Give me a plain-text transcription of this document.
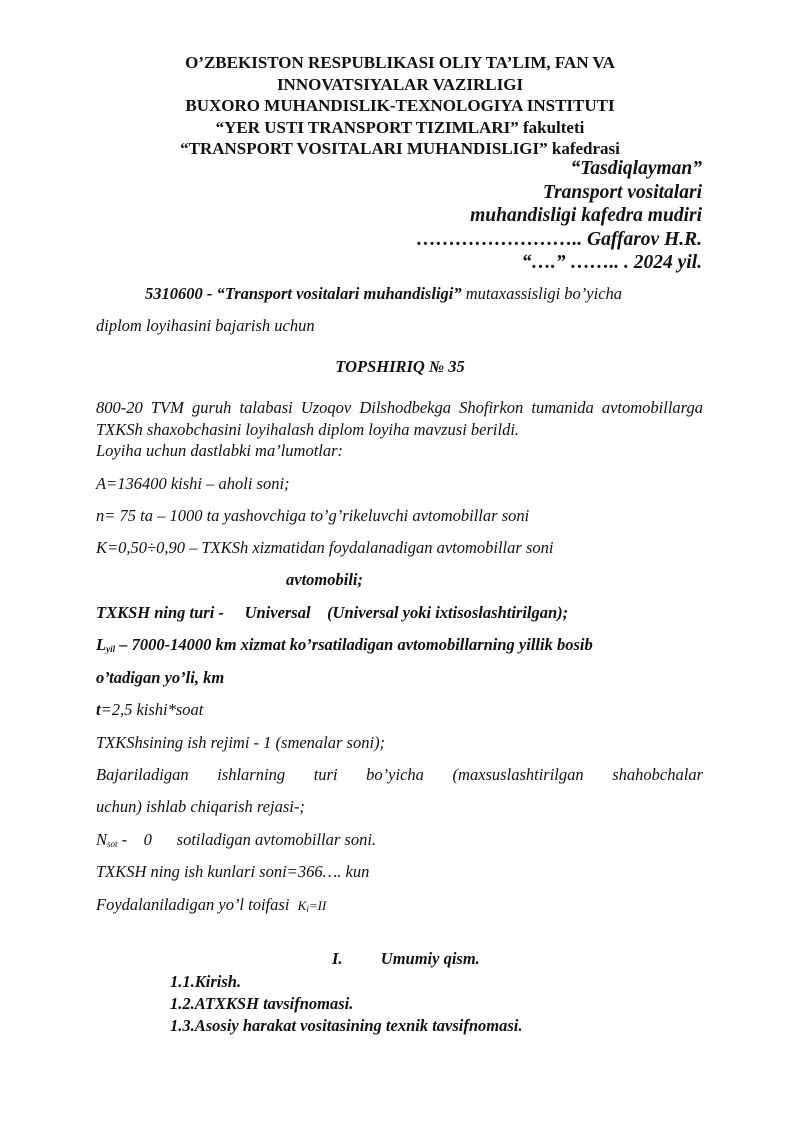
O’ZBEKISTON RESPUBLIKASI OLIY TA’LIM, FAN VA
INNOVATSIYALAR VAZIRLIGI
BUXORO MUHANDISLIK-TEXNOLOGIYA INSTITUTI
“YER USTI TRANSPORT TIZIMLARI” fakulteti
“TRANSPORT VOSITALARI MUHANDISLIGI” kafedrasi
“Tasdiqlayman”
Transport vositalari
muhandisligi kafedra mudiri
…………………….. Gaffarov H.R.
“….” …….. . 2024 yil.
5310600 - “Transport vositalari muhandisligi” mutaxassisligi bo’yicha
diplom loyihasini bajarish uchun
TOPSHIRIQ № 35
800-20 TVM guruh talabasi Uzoqov Dilshodbekga Shofirkon tumanida avtomobillarga TXKSh shaxobchasini loyihalash diplom loyiha mavzusi berildi.
Loyiha uchun dastlabki ma’lumotlar:
A=136400 kishi – aholi soni;
n= 75 ta – 1000 ta yashovchiga to’g’rikeluvchi avtomobillar soni
K=0,50÷0,90 – TXKSh xizmatidan foydalanadigan avtomobillar soni
avtomobili;
TXKSH ning turi - Universal (Universal yoki ixtisoslashtirilgan);
$L_{yil} - 7000-14000$ km xizmat ko’rsatiladigan avtomobillarning yillik bosib
o’tadigan yo’li, km
t=2,5 kishi*soat
TXKShsining ish rejimi - 1 (smenalar soni);
Bajariladigan ishlarning turi bo’yicha (maxsuslashtirilgan shahobchalar
uchun) ishlab chiqarish rejasi-;
$N_{sot}$ -    0      sotiladigan avtomobillar soni.
TXKSH ning ish kunlari soni=366…. kun
Foydalaniladigan yo’l toifasi $K_i=II$
I. Umumiy qism.
1.1.Kirish.
1.2.ATXKSH tavsifnomasi.
1.3.Asosiy harakat vositasining texnik tavsifnomasi.
